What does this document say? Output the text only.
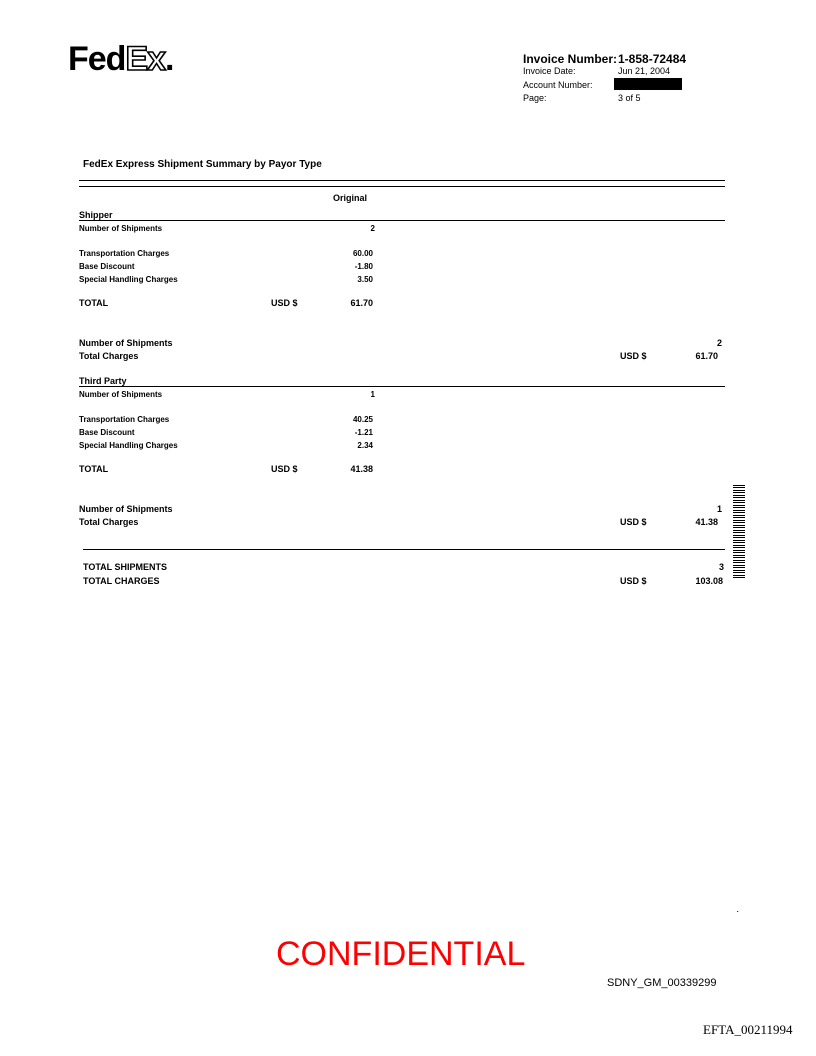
FedEx.	Invoice Number: 1-858-72484
Invoice Date:	Jun 21, 2004
Account Number:
Page:	3 of 5
FedEx Express Shipment Summary by Payor Type
Original
Shipper
Number of Shipments	2
Transportation Charges	60.00
Base Discount	-1.80
Special Handling Charges	3.50
TOTAL	USD $	61.70
Number of Shipments	2
Total Charges	USD $	61.70
Third Party
Number of Shipments	1
Transportation Charges	40.25
Base Discount	-1.21
Special Handling Charges	2.34
TOTAL	USD $	41.38
Number of Shipments	1
Total Charges	USD $	41.38
TOTAL SHIPMENTS	3
TOTAL CHARGES	USD $	103.08
․
CONFIDENTIAL
SDNY_GM_00339299
EFTA_00211994
